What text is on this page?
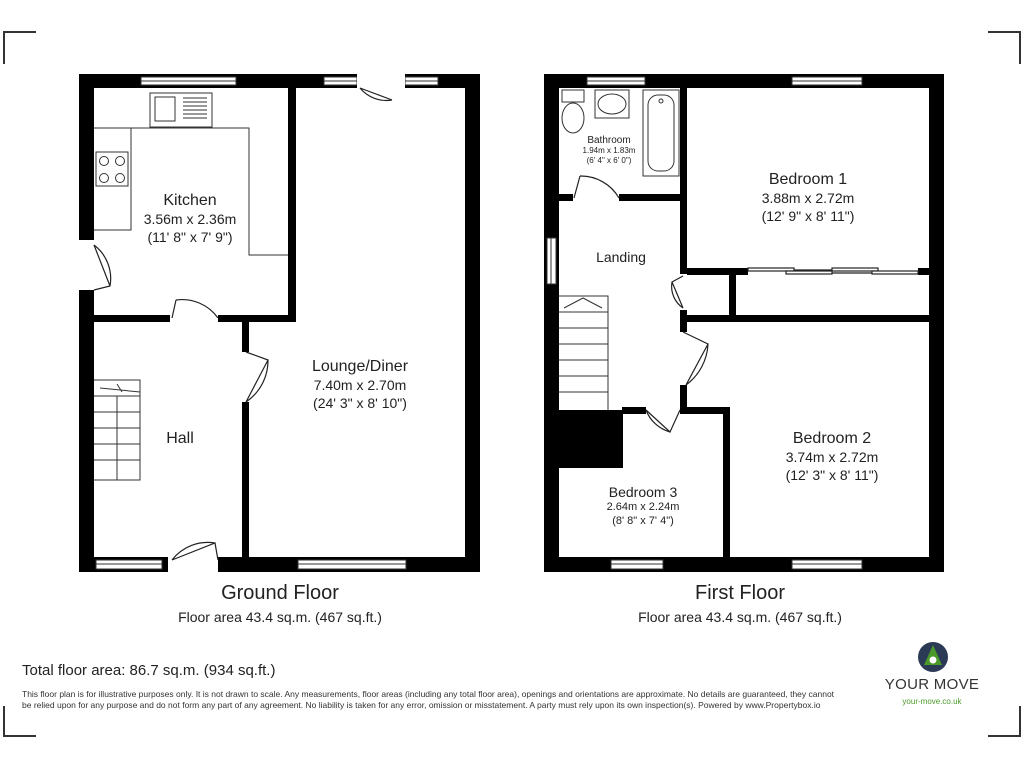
Kitchen
3.56m x 2.36m
(11' 8" x 7' 9")
Lounge/Diner
7.40m x 2.70m
(24' 3" x 8' 10")
Hall
Bathroom
1.94m x 1.83m
(6' 4" x 6' 0")
Bedroom 1
3.88m x 2.72m
(12' 9" x 8' 11")
Landing
Bedroom 2
3.74m x 2.72m
(12' 3" x 8' 11")
Bedroom 3
2.64m x 2.24m
(8' 8" x 7' 4")
Ground Floor
Floor area 43.4 sq.m. (467 sq.ft.)
First Floor
Floor area 43.4 sq.m. (467 sq.ft.)
Total floor area: 86.7 sq.m. (934 sq.ft.)
This floor plan is for illustrative purposes only. It is not drawn to scale. Any measurements, floor areas (including any total floor area), openings and orientations are approximate. No details are guaranteed, they cannot be relied upon for any purpose and do not form any part of any agreement. No liability is taken for any error, omission or misstatement. A party must rely upon its own inspection(s). Powered by www.Propertybox.io
YOUR MOVE
your-move.co.uk
